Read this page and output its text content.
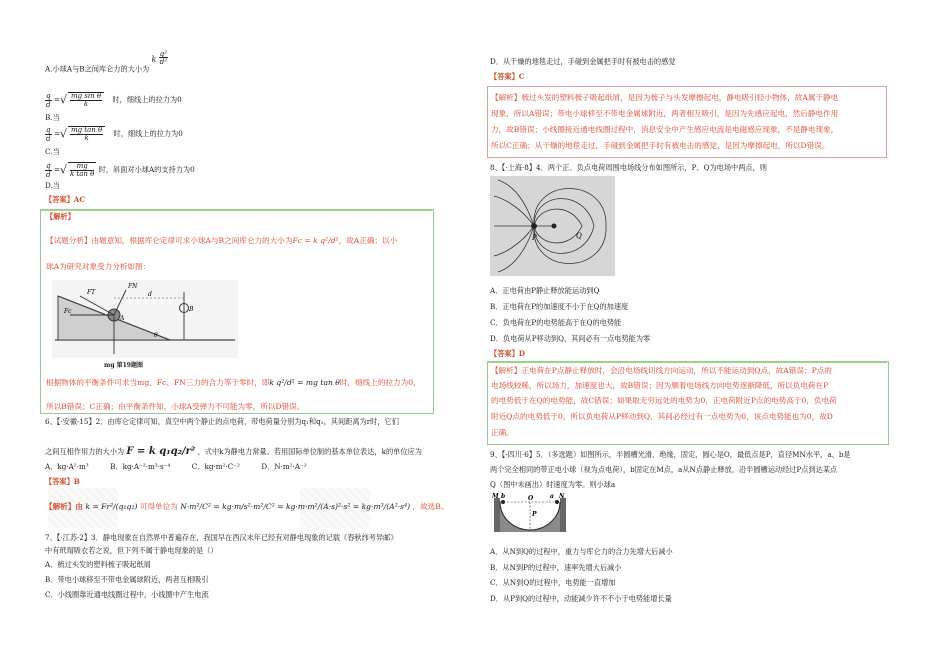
A.小球A与B之间库仑力的大小为 k $\frac{\text{q²}}{\text{d²}}$
$\frac{q}{d}$ =√ $\frac{\text{mg sin θ}}{k}$ 时，细线上的拉力为0
B.当
$\frac{q}{d}$ =√ $\frac{\text{mg tan θ}}{k}$ 时，细线上的拉力为0
C.当
$\frac{q}{d}$ =√ $\frac{mg}{\text{k tan θ}}$ 时，斜面对小球A的支持力为0
D.当
【答案】AC
【解析】
【试题分析】由题意知，根据库仑定律可求小球A与B之间库仑力的大小为Fc = k q²/d²，故A正确；以小
球A为研究对象受力分析如图：
FT
FN
Fc
A
B
d
θ
mg 第19题图
根据物体的平衡条件可求当mg、Fc、FN三力的合力等于零时，即k q²/d² = mg tan θ时，细线上的拉力为0，
所以B错误；C正确；由平衡条件知，小球A受弹力不可能为零，所以D错误。
6、【·安徽·15】2．由库仑定律可知，真空中两个静止的点电荷，带电荷量分别为q₁和q₂，其间距离为r时，它们
之间互相作用力的大小为 F = k q₁q₂/r² ，式中k为静电力常量。若用国际单位制的基本单位表达，k的单位应为
A．kg·A²·m³	B．kg·A⁻²·m³·s⁻⁴	C．kg·m²·C⁻²	D．N·m²·A⁻²
【答案】B
【解析】由 k = Fr²/(q₁q₂) 可得单位为 N·m²/C² = kg·m/s²·m²/C² = kg·m·m²/(A·s)²·s² = kg·m³/(A²·s⁴) ，故选B。
7、【·江苏·2】3．静电现象在自然界中普遍存在，我国早在西汉末年已经有对静电现象的记载《春秋纬考异邮》
中有玳瑁吸衣若之说，但下列不属于静电现象的是（）
A．梳过头发的塑料梳子吸起纸屑
B．带电小球移至不带电金属球附近，两者互相吸引
C．小线圈靠近通电线圈过程中，小线圈中产生电流
D．从干燥的地毯走过，手碰到金属把手时有被电击的感觉
【答案】C
【解析】梳过头发的塑料梳子吸起纸屑，是因为梳子与头发摩擦起电，静电吸引轻小物体，故A属于静电
现象，所以A错误；带电小球移至不带电金属球附近，两者相互吸引，是因为先感应起电，然后静电作用
力，故B错误；小线圈接近通电线圈过程中，消息安全中产生感应电流是电磁感应现象，不是静电现象，
所以C正确；从干燥的地毯走过，手碰到金属把手时有被电击的感觉，是因为摩擦起电，所以D错误。
8、【·上海·8】4．两个正、负点电荷周围电场线分布如图所示，P、Q为电场中两点，则
P	Q
A．正电荷由P静止释放能运动到Q
B．正电荷在P的加速度不小于在Q的加速度
C．负电荷在P的电势能高于在Q的电势能
D．负电荷从P移动到Q，其间必有一点电势能为零
【答案】D
【解析】正电荷在P点静止释放时，会沿电场线切线方向运动，所以不能运动到Q点，故A错误；P点的
电场线较稀，所以场力，加速度也大，故B错误；因为顺着电场线方向电势逐渐降低，所以负电荷在P
的电势低于在Q的电势能，故C错误；如果取无穷远处的电势为0，正电荷附近P点的电势高于0，负电荷
附近Q点的电势低于0，所以负电荷从P移动到Q，其间必经过有一点电势为0，该点电势能也为0，故D
正确。
9、【·四川·6】5．（多选题）如图所示，半圆槽光滑、绝缘，固定，圆心是O，最低点是P，直径MN水平，a、b是
两个完全相同的带正电小球（视为点电荷），b固定在M点，a从N点静止释放，沿半圆槽运动经过P点到达某点
Q（图中未画出）时速度为零。则小球a
M b	O	a N
P
A．从N到Q的过程中，重力与库仑力的合力先增大后减小
B．从N到P的过程中，速率先增大后减小
C．从N到Q的过程中，电势能一直增加
D．从P到Q的过程中，动能减少许不不小于电势能增长量
